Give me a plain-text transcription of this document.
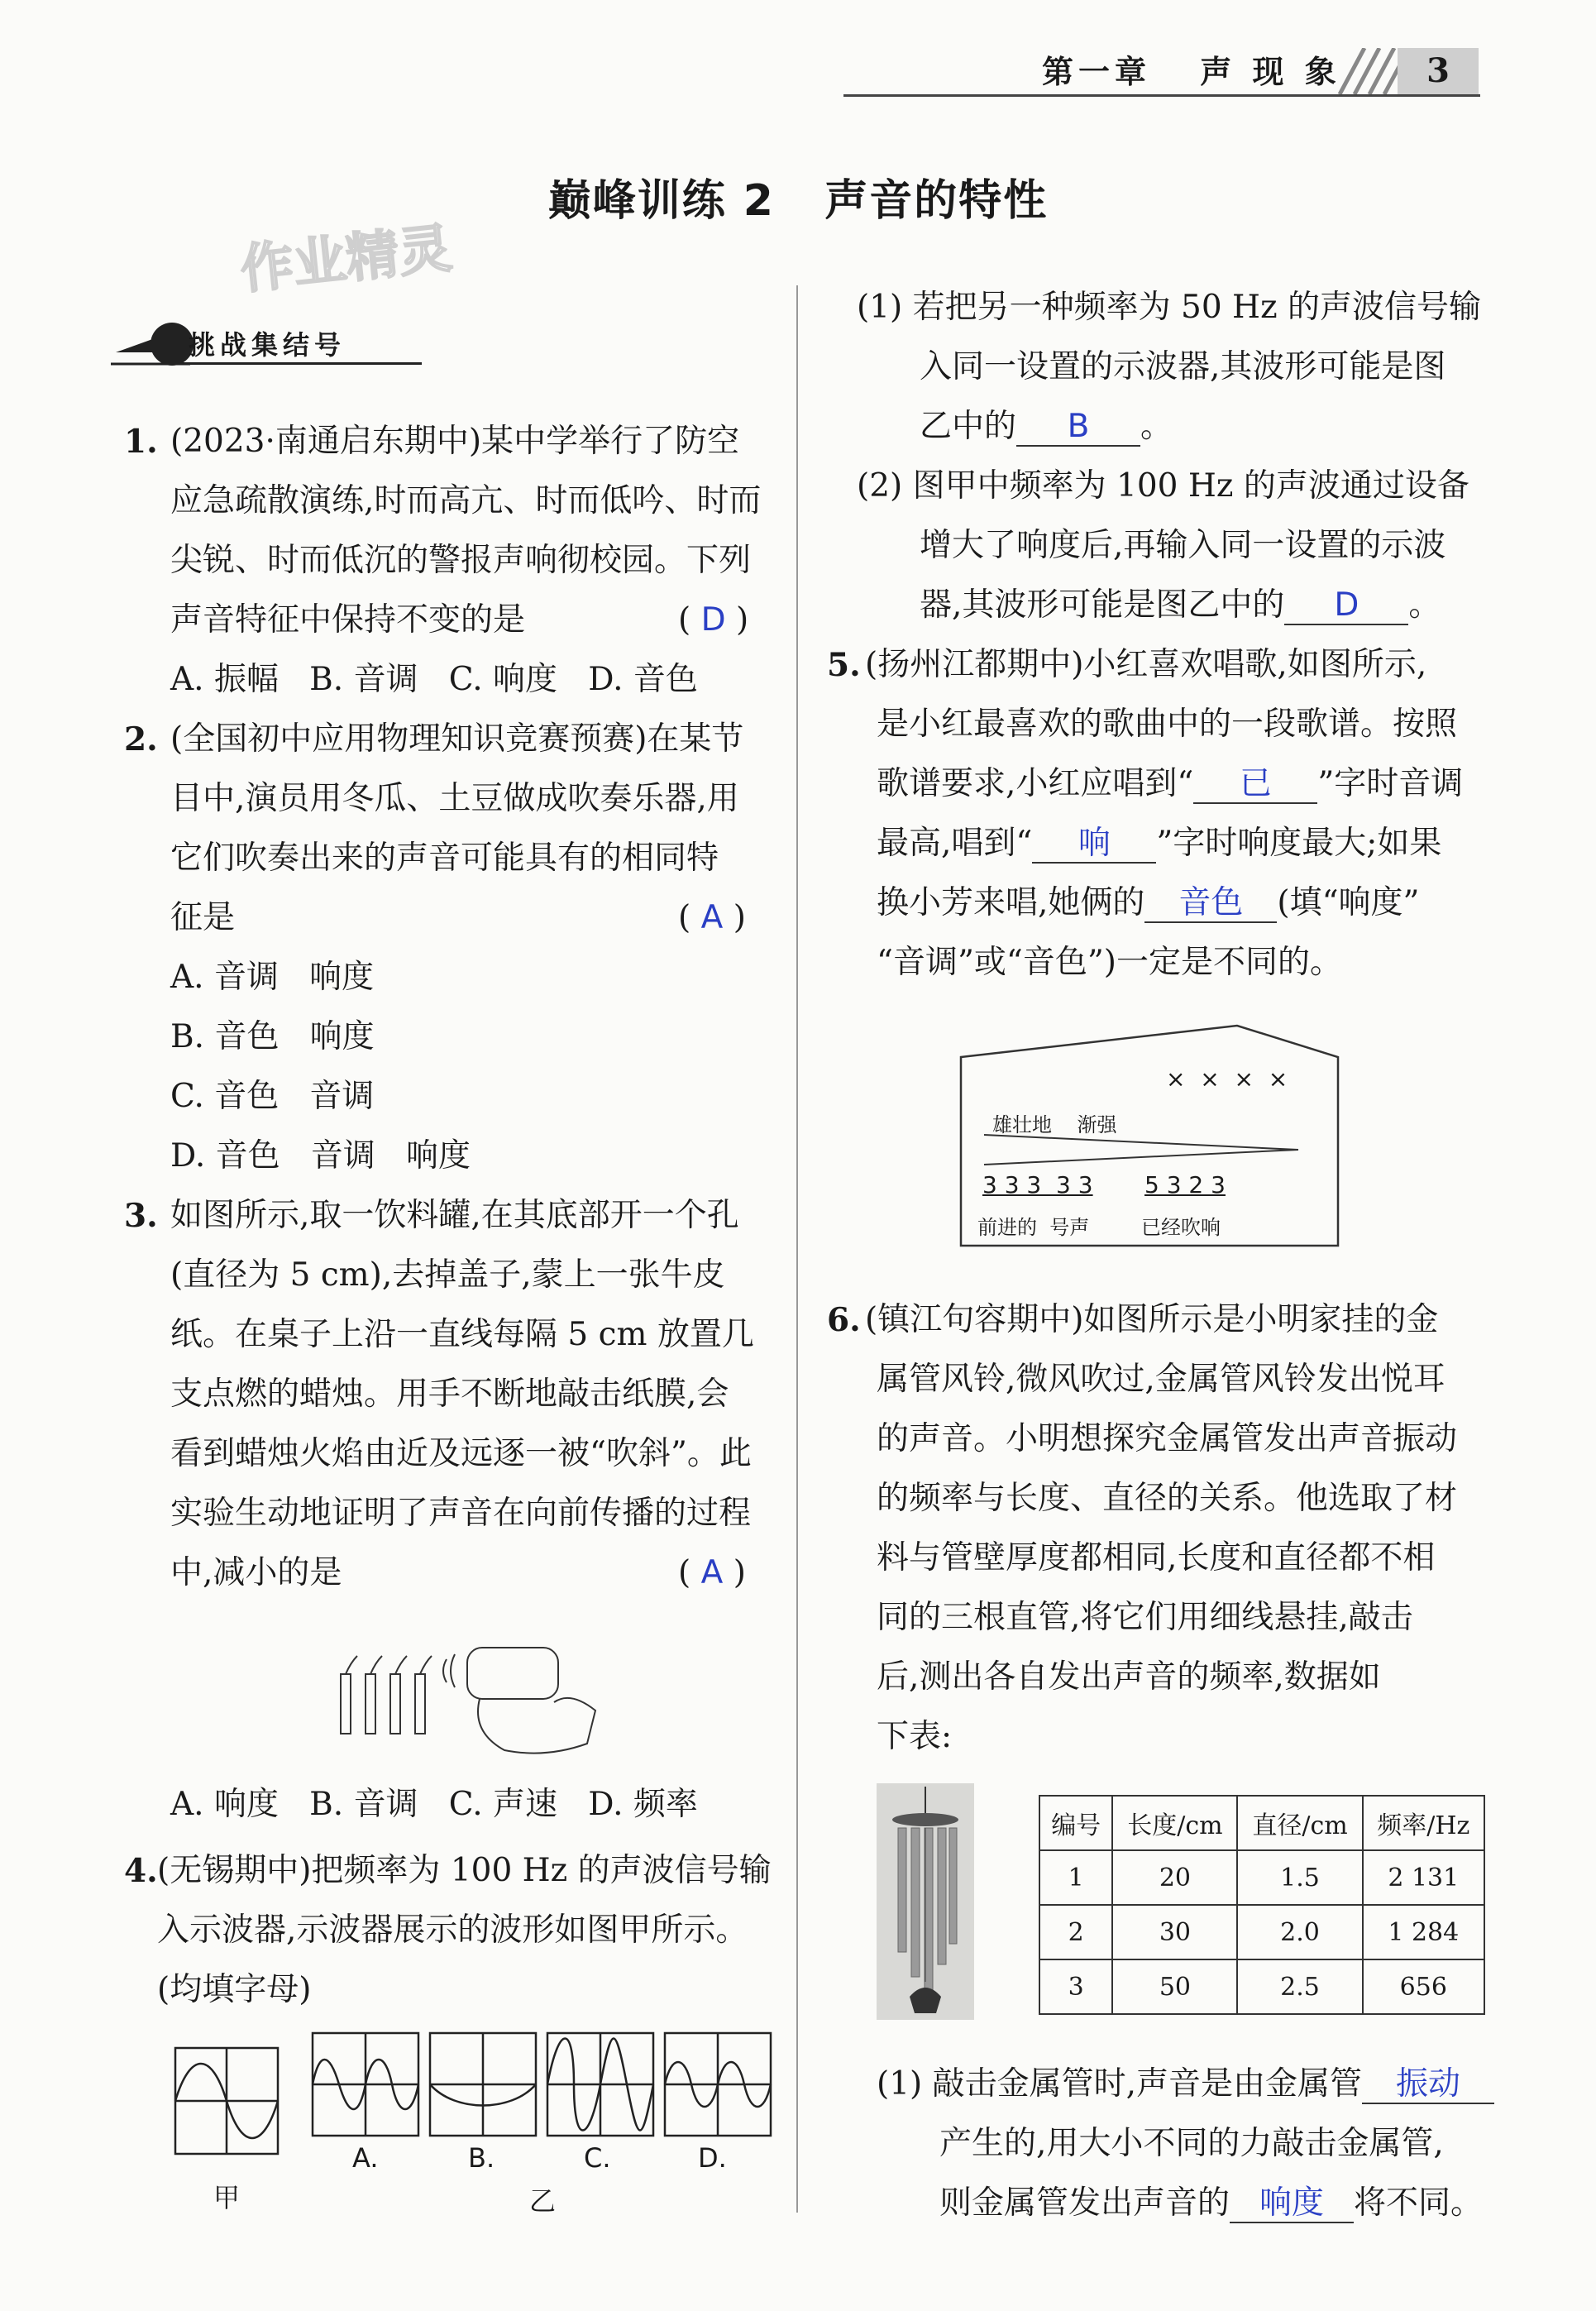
第一章 声 现 象	3
巅峰训练 2   声音的特性
作业精灵
挑战集结号
1. (2023·南通启东期中)某中学举行了防空
应急疏散演练,时而高亢、时而低吟、时而
尖锐、时而低沉的警报声响彻校园。下列
声音特征中保持不变的是	( D )
A. 振幅   B. 音调   C. 响度   D. 音色
2. (全国初中应用物理知识竞赛预赛)在某节
目中,演员用冬瓜、土豆做成吹奏乐器,用
它们吹奏出来的声音可能具有的相同特
征是	( A )
A. 音调   响度
B. 音色   响度
C. 音色   音调
D. 音色   音调   响度
3. 如图所示,取一饮料罐,在其底部开一个孔
(直径为 5 cm),去掉盖子,蒙上一张牛皮
纸。在桌子上沿一直线每隔 5 cm 放置几
支点燃的蜡烛。用手不断地敲击纸膜,会
看到蜡烛火焰由近及远逐一被“吹斜”。此
实验生动地证明了声音在向前传播的过程
中,减小的是	( A )
A. 响度   B. 音调   C. 声速   D. 频率
4. (无锡期中)把频率为 100 Hz 的声波信号输
入示波器,示波器展示的波形如图甲所示。
(均填字母)
甲
A.	B.	C.	D.
乙
(1) 若把另一种频率为 50 Hz 的声波信号输
入同一设置的示波器,其波形可能是图
乙中的 B 。
(2) 图甲中频率为 100 Hz 的声波通过设备
增大了响度后,再输入同一设置的示波
器,其波形可能是图乙中的 D 。
5. (扬州江都期中)小红喜欢唱歌,如图所示,
是小红最喜欢的歌曲中的一段歌谱。按照
歌谱要求,小红应唱到“ 已 ”字时音调
最高,唱到“ 响 ”字时响度最大;如果
换小芳来唱,她俩的 音色 (填“响度”
“音调”或“音色”)一定是不同的。
×  ×  ×  ×
雄壮地    渐强
3 3 3  3 3 5 3 2 3
前进的  号声	已经吹响
6. (镇江句容期中)如图所示是小明家挂的金
属管风铃,微风吹过,金属管风铃发出悦耳
的声音。小明想探究金属管发出声音振动
的频率与长度、直径的关系。他选取了材
料与管壁厚度都相同,长度和直径都不相
同的三根直管,将它们用细线悬挂,敲击
后,测出各自发出声音的频率,数据如
下表:
编号	长度/cm	直径/cm	频率/Hz
1	20	1.5	2 131
2	30	2.0	1 284
3	50	2.5	656
(1) 敲击金属管时,声音是由金属管 振动
产生的,用大小不同的力敲击金属管,
则金属管发出声音的 响度 将不同。
